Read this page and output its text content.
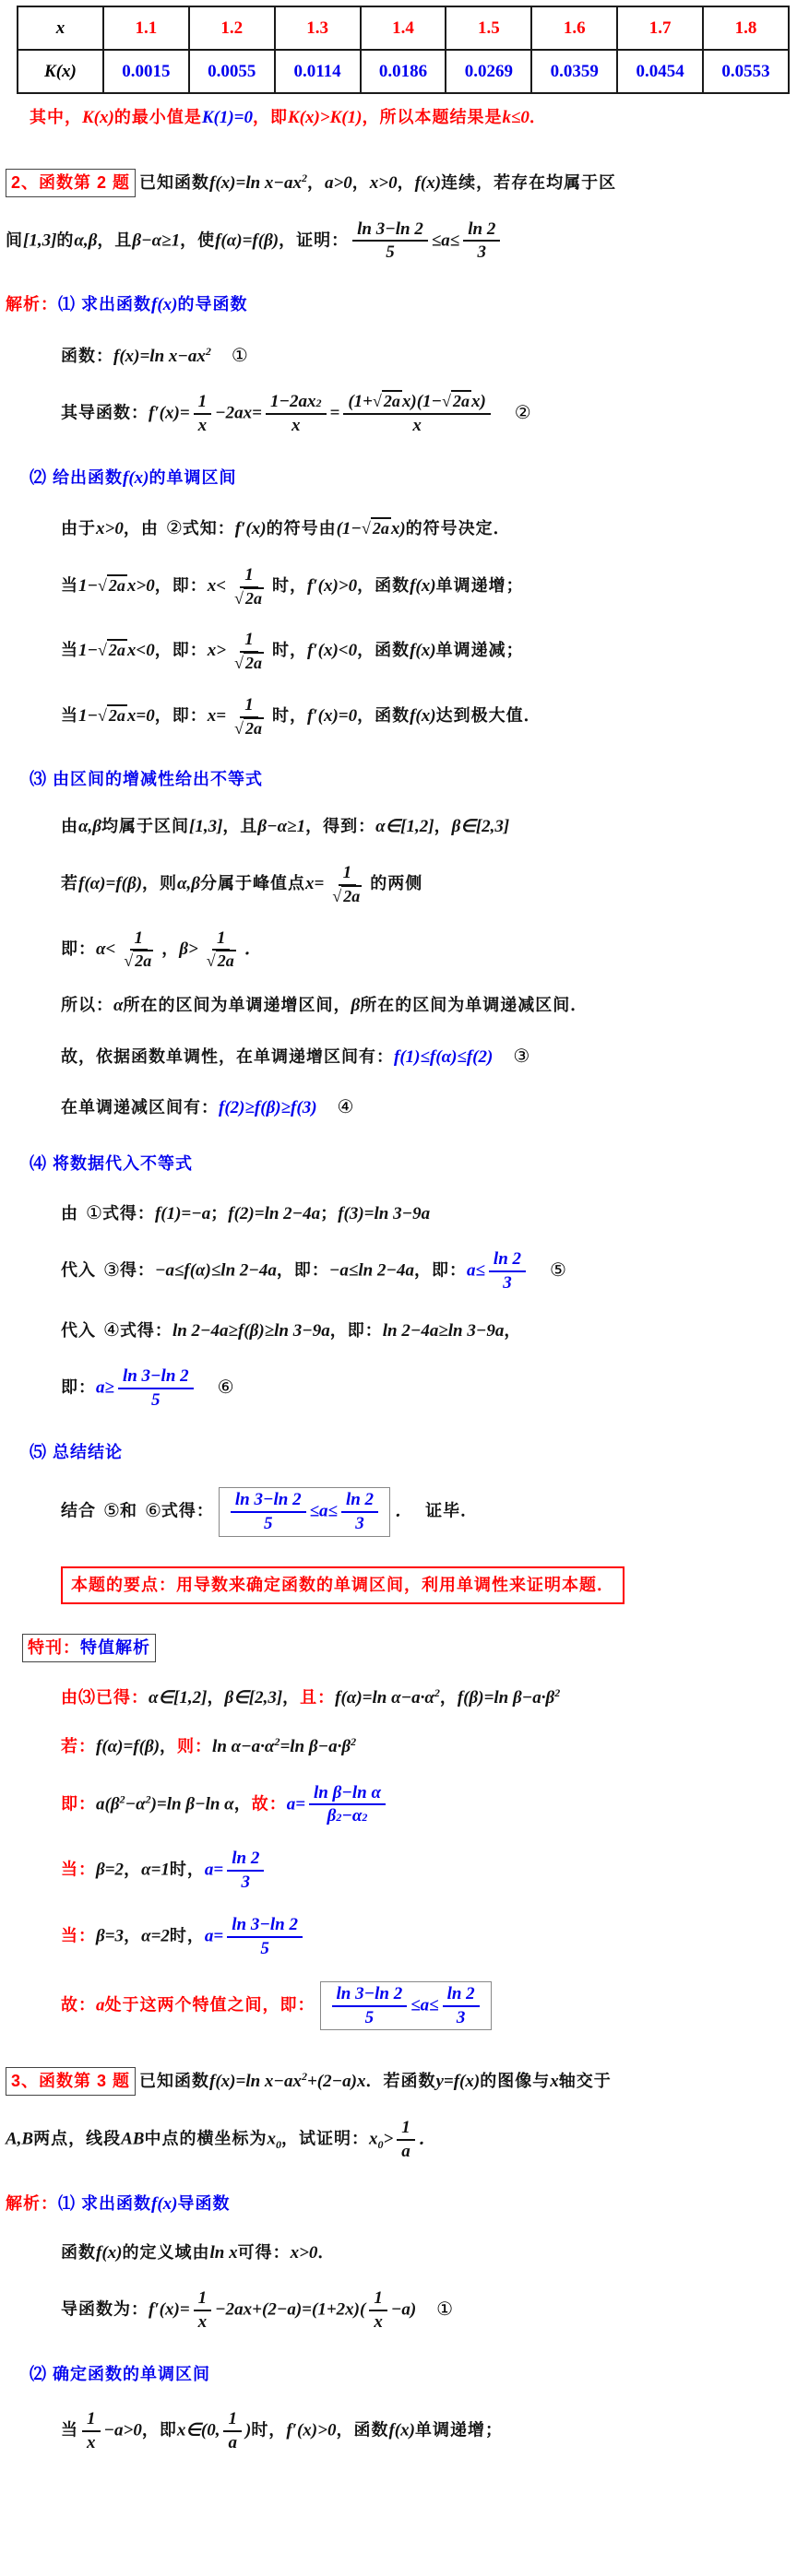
x	1.1	1.2	1.3	1.4	1.5	1.6	1.7	1.8
K(x)	0.0015	0.0055	0.0114	0.0186	0.0269	0.0359	0.0454	0.0553
其中，K(x)的最小值是K(1)=0，即K(x)>K(1)，所以本题结果是k≤0．
2、函数第 2 题 已知函数f(x)=ln $x-ax^2$，a>0，x>0，f(x)连续，若存在均属于区
间[1,3]的α,β，且β−α≥1，使f(α)=f(β)，证明： $\frac{\ln 3-\ln 2}{5} \le a\le \frac{\ln 2}{3}$
解析：⑴ 求出函数f(x)的导函数
函数：f(x)=ln $x-ax^2$ ①
其导函数：$f'(x)= \frac{1}{x} -2ax= \frac{1-2ax 2}{x} = \frac{\text{(1+ √ 2a x)(1− √ 2a x)}}{x}$ ②
⑵ 给出函数f(x)的单调区间
由于x>0，由 ②式知：f′(x)的符号由(1−√ 2a x)的符号决定．
当1−√ 2a x>0，即：$x< \frac{1}{√ 2a}$ 时，f′(x)>0，函数f(x)单调递增；
当1−√ 2a x<0，即：$x> \frac{1}{√ 2a}$ 时，f′(x)<0，函数f(x)单调递减；
当1−√ 2a x=0，即：$x= \frac{1}{√ 2a}$ 时，f′(x)=0，函数f(x)达到极大值．
⑶ 由区间的增减性给出不等式
由α,β均属于区间[1,3]，且β−α≥1，得到：α∈[1,2]，β∈[2,3]
若f(α)=f(β)，则α,β分属于峰值点$x= \frac{1}{√ 2a}$ 的两侧
即：$\alpha< \frac{1}{√ 2a}$ ，$\beta> \frac{1}{√ 2a}$ ．
所以：α所在的区间为单调递增区间，β所在的区间为单调递减区间．
故，依据函数单调性，在单调递增区间有：f(1)≤f(α)≤f(2) ③
在单调递减区间有：f(2)≥f(β)≥f(3) ④
⑷ 将数据代入不等式
由 ①式得：f(1)=−a；f(2)=ln 2−4a；f(3)=ln 3−9a
代入 ③得：−a≤f(α)≤ln 2−4a，即：−a≤ln 2−4a，即：$a\le \frac{\ln 2}{3}$ ⑤
代入 ④式得：ln 2−4a≥f(β)≥ln 3−9a，即：ln 2−4a≥ln 3−9a，
即：$a\ge \frac{\ln 3-\ln 2}{5}$ ⑥
⑸ 总结结论
结合 ⑤和 ⑥式得： $\frac{\ln 3-\ln 2}{5} \le a\le \frac{\ln 2}{3}$ ． 证毕．
本题的要点：用导数来确定函数的单调区间，利用单调性来证明本题．
特刊：特值解析
由⑶已得：α∈[1,2]，β∈[2,3]，且：f(α)=ln $\alpha-a\cdot\alpha^2$，f(β)=ln $\beta-a\cdot\beta^2$
若：f(α)=f(β)，则：$\ln \alpha-a\cdot\alpha^2=\ln$ $\beta-a\cdot\beta^2$
即：$a(\beta^2-\alpha^2)=\ln$ β−ln α，故：$a= \frac{\text{ln β−ln α}}{\beta 2 -\alpha 2}$
当：β=2，α=1时，$a= \frac{\ln 2}{3}$
当：β=3，α=2时，$a= \frac{\ln 3-\ln 2}{5}$
故：a处于这两个特值之间，即： $\frac{\ln 3-\ln 2}{5} \le a\le \frac{\ln 2}{3}$
3、函数第 3 题 已知函数f(x)=ln $x-ax^2+(2-a)x$．若函数y=f(x)的图像与x轴交于
A,B两点，线段AB中点的横坐标为$x_0$，试证明：$x_0> \frac{1}{a}$ ．
解析：⑴ 求出函数f(x)导函数
函数f(x)的定义域由ln x可得：x>0．
导函数为：$f'(x)= \frac{1}{x} -2ax+(2-a)=(1+2x)( \frac{1}{x} -a)$ ①
⑵ 确定函数的单调区间
当 $\frac{1}{x} -a>0$，即x∈(0, $\frac{1}{a}$ )时，f′(x)>0，函数f(x)单调递增；
